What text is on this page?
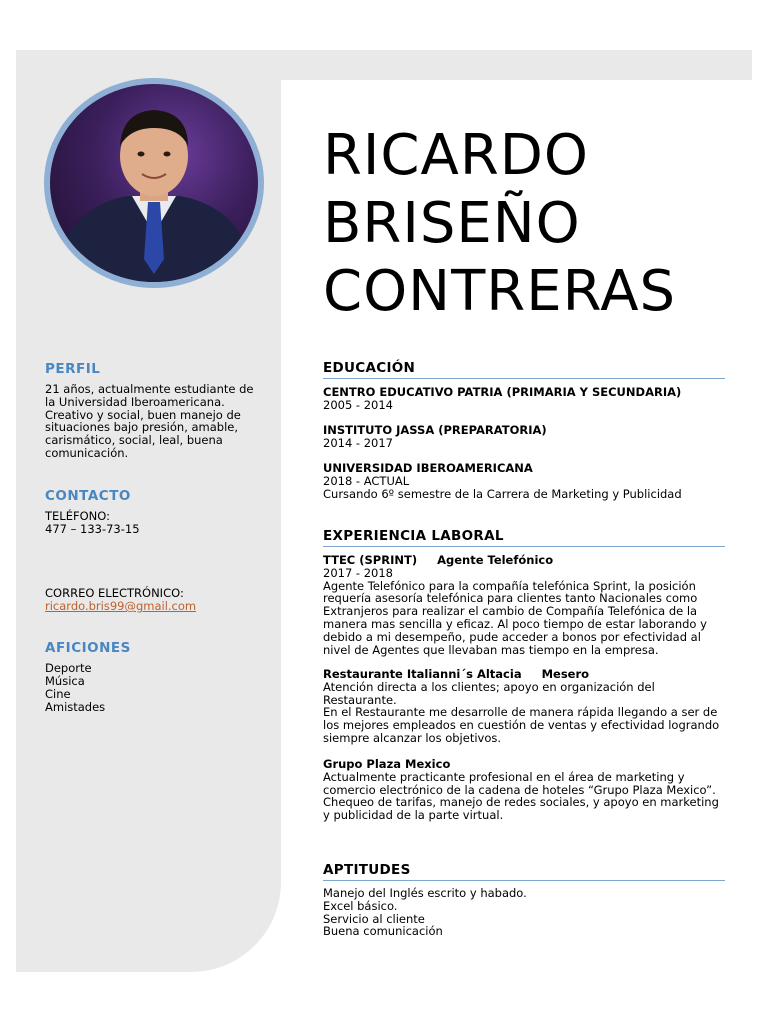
PERFIL
21 años, actualmente estudiante de la Universidad Iberoamericana. Creativo y social, buen manejo de situaciones bajo presión, amable, carismático, social, leal, buena comunicación.
CONTACTO
TELÉFONO:
477 – 133-73-15
CORREO ELECTRÓNICO:
ricardo.bris99@gmail.com
AFICIONES
Deporte
Música
Cine
Amistades
RICARDO
BRISEÑO
CONTRERAS
EDUCACIÓN
CENTRO EDUCATIVO PATRIA (PRIMARIA Y SECUNDARIA)
2005 - 2014
INSTITUTO JASSA (PREPARATORIA)
2014 - 2017
UNIVERSIDAD IBEROAMERICANA
2018 - ACTUAL
Cursando 6º semestre de la Carrera de Marketing y Publicidad
EXPERIENCIA LABORAL
TTEC (SPRINT) Agente Telefónico
2017 - 2018
Agente Telefónico para la compañía telefónica Sprint, la posición requería asesoría telefónica para clientes tanto Nacionales como Extranjeros para realizar el cambio de Compañía Telefónica de la manera mas sencilla y eficaz. Al poco tiempo de estar laborando y debido a mi desempeño, pude acceder a bonos por efectividad al nivel de Agentes que llevaban mas tiempo en la empresa.
Restaurante Italianni´s Altacia Mesero
Atención directa a los clientes; apoyo en organización del Restaurante.
En el Restaurante me desarrolle de manera rápida llegando a ser de los mejores empleados en cuestión de ventas y efectividad logrando siempre alcanzar los objetivos.
Grupo Plaza Mexico
Actualmente practicante profesional en el área de marketing y comercio electrónico de la cadena de hoteles “Grupo Plaza Mexico”. Chequeo de tarifas, manejo de redes sociales, y apoyo en marketing y publicidad de la parte virtual.
APTITUDES
Manejo del Inglés escrito y habado.
Excel básico.
Servicio al cliente
Buena comunicación
